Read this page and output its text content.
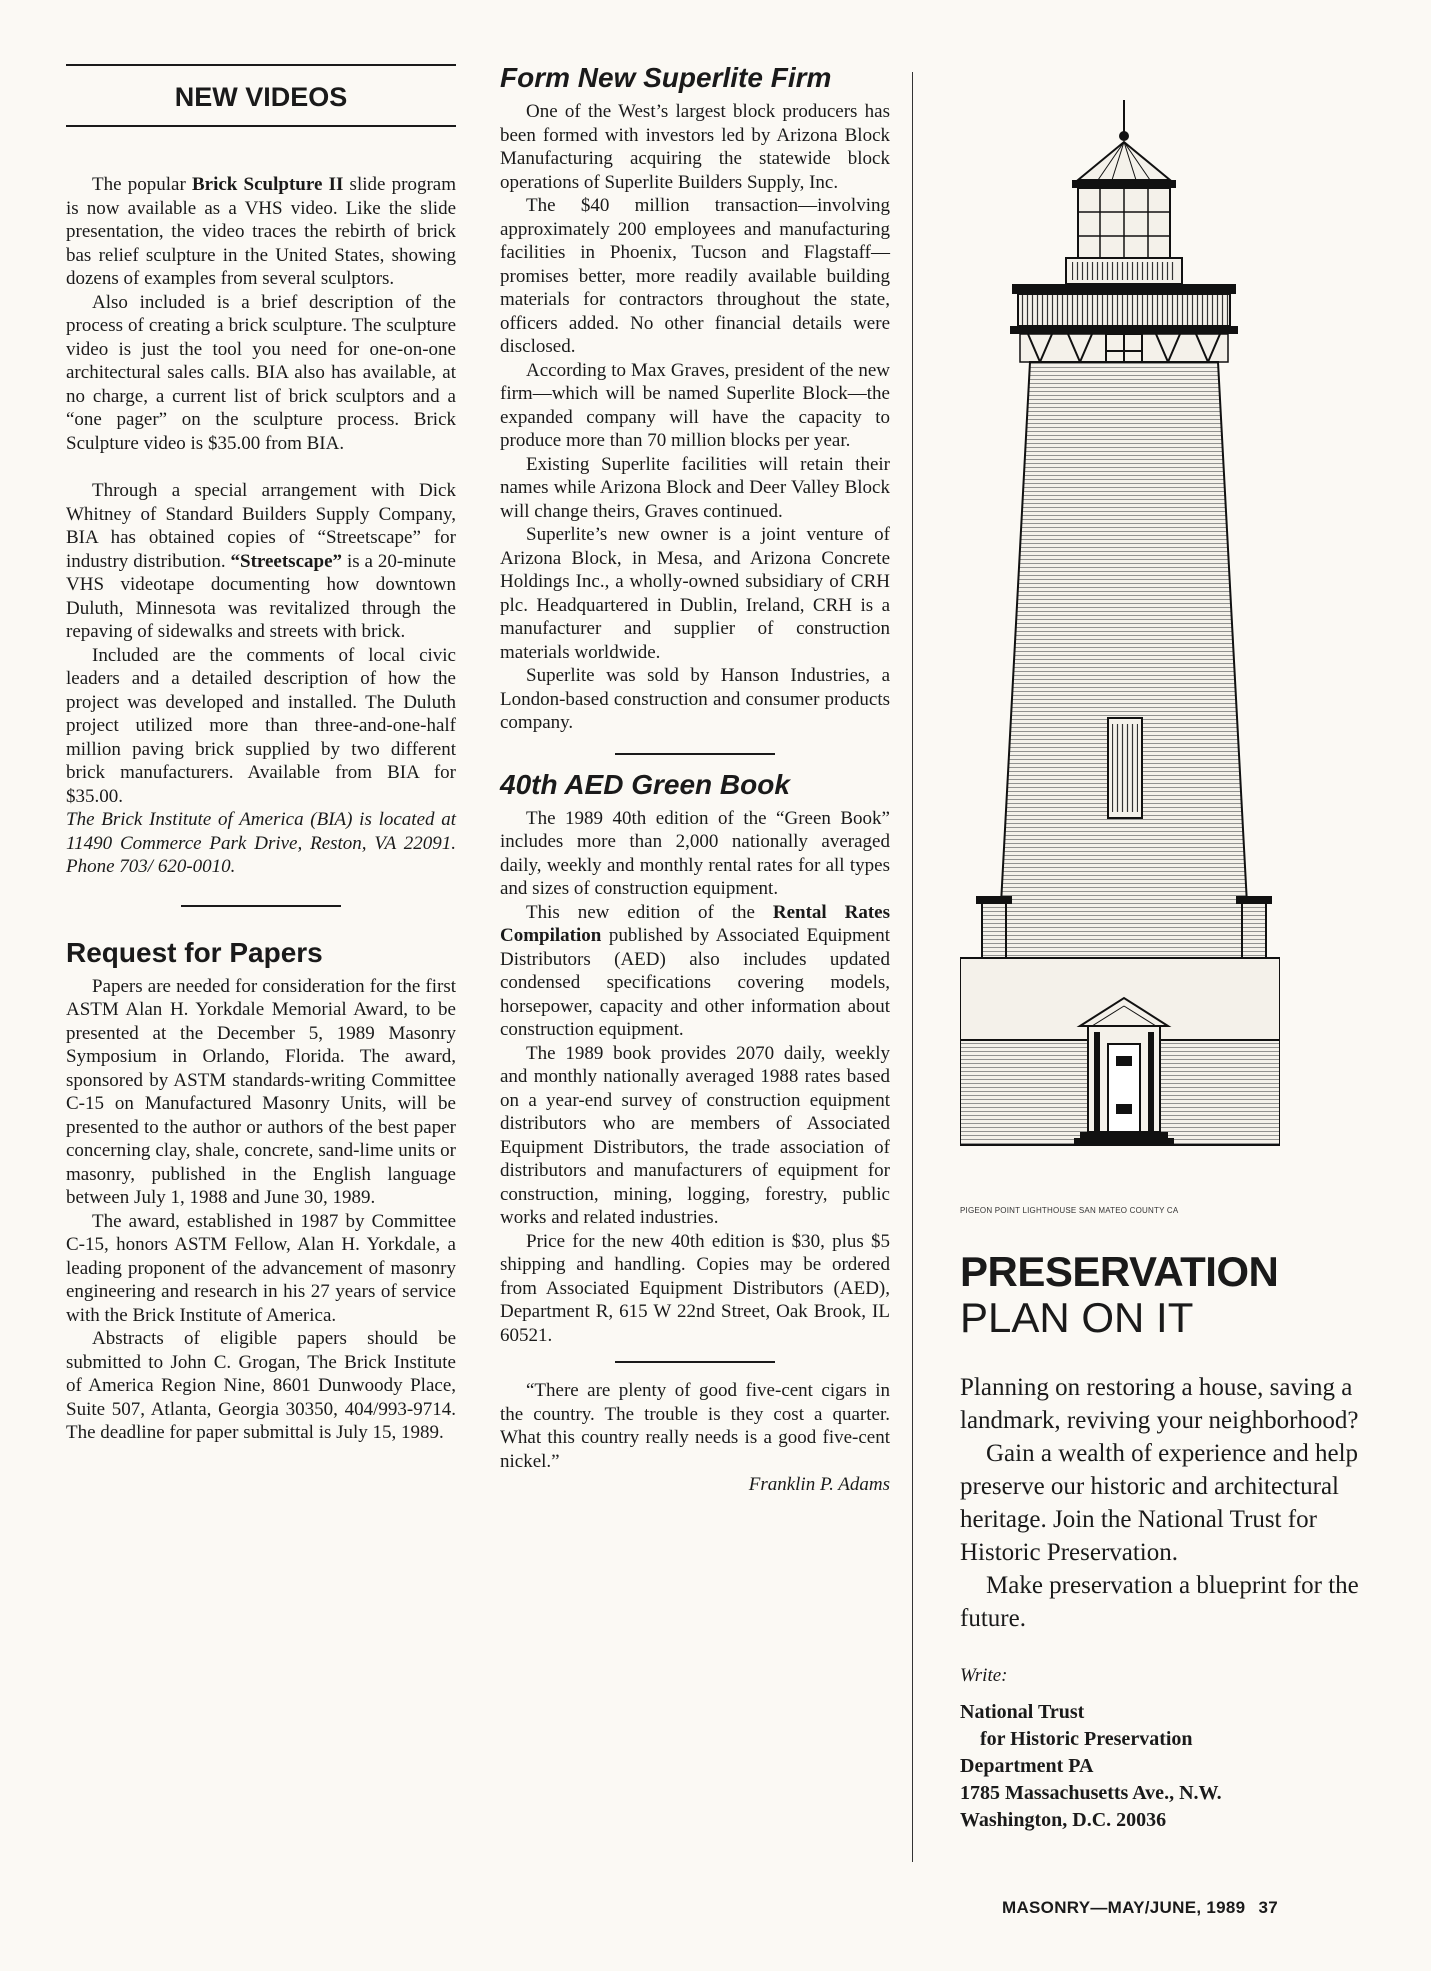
NEW VIDEOS

The popular Brick Sculpture II slide program is now available as a VHS video. Like the slide presentation, the video traces the rebirth of brick bas relief sculpture in the United States, showing dozens of examples from several sculptors.

Also included is a brief description of the process of creating a brick sculpture. The sculpture video is just the tool you need for one-on-one architectural sales calls. BIA also has available, at no charge, a current list of brick sculptors and a “one pager” on the sculpture process. Brick Sculpture video is $35.00 from BIA.

Through a special arrangement with Dick Whitney of Standard Builders Supply Company, BIA has obtained copies of “Streetscape” for industry distribution. “Streetscape” is a 20-minute VHS videotape documenting how downtown Duluth, Minnesota was revitalized through the repaving of sidewalks and streets with brick.

Included are the comments of local civic leaders and a detailed description of how the project was developed and installed. The Duluth project utilized more than three-and-one-half million paving brick supplied by two different brick manufacturers. Available from BIA for $35.00.

The Brick Institute of America (BIA) is located at 11490 Commerce Park Drive, Reston, VA 22091. Phone 703/ 620-0010.

Request for Papers

Papers are needed for consideration for the first ASTM Alan H. Yorkdale Memorial Award, to be presented at the December 5, 1989 Masonry Symposium in Orlando, Florida. The award, sponsored by ASTM standards-writing Committee C-15 on Manufactured Masonry Units, will be presented to the author or authors of the best paper concerning clay, shale, concrete, sand-lime units or masonry, published in the English language between July 1, 1988 and June 30, 1989.

The award, established in 1987 by Committee C-15, honors ASTM Fellow, Alan H. Yorkdale, a leading proponent of the advancement of masonry engineering and research in his 27 years of service with the Brick Institute of America.

Abstracts of eligible papers should be submitted to John C. Grogan, The Brick Institute of America Region Nine, 8601 Dunwoody Place, Suite 507, Atlanta, Georgia 30350, 404/993-9714. The deadline for paper submittal is July 15, 1989.

Form New Superlite Firm

One of the West’s largest block producers has been formed with investors led by Arizona Block Manufacturing acquiring the statewide block operations of Superlite Builders Supply, Inc.

The $40 million transaction—involving approximately 200 employees and manufacturing facilities in Phoenix, Tucson and Flagstaff—promises better, more readily available building materials for contractors throughout the state, officers added. No other financial details were disclosed.

According to Max Graves, president of the new firm—which will be named Superlite Block—the expanded company will have the capacity to produce more than 70 million blocks per year.

Existing Superlite facilities will retain their names while Arizona Block and Deer Valley Block will change theirs, Graves continued.

Superlite’s new owner is a joint venture of Arizona Block, in Mesa, and Arizona Concrete Holdings Inc., a wholly-owned subsidiary of CRH plc. Headquartered in Dublin, Ireland, CRH is a manufacturer and supplier of construction materials worldwide.

Superlite was sold by Hanson Industries, a London-based construction and consumer products company.

40th AED Green Book

The 1989 40th edition of the “Green Book” includes more than 2,000 nationally averaged daily, weekly and monthly rental rates for all types and sizes of construction equipment.

This new edition of the Rental Rates Compilation published by Associated Equipment Distributors (AED) also includes updated condensed specifications covering models, horsepower, capacity and other information about construction equipment.

The 1989 book provides 2070 daily, weekly and monthly nationally averaged 1988 rates based on a year-end survey of construction equipment distributors who are members of Associated Equipment Distributors, the trade association of distributors and manufacturers of equipment for construction, mining, logging, forestry, public works and related industries.

Price for the new 40th edition is $30, plus $5 shipping and handling. Copies may be ordered from Associated Equipment Distributors (AED), Department R, 615 W 22nd Street, Oak Brook, IL 60521.

“There are plenty of good five-cent cigars in the country. The trouble is they cost a quarter. What this country really needs is a good five-cent nickel.”

Franklin P. Adams

PIGEON POINT LIGHTHOUSE SAN MATEO COUNTY CA
PRESERVATION
PLAN ON IT

Planning on restoring a house, saving a landmark, reviving your neighborhood?

Gain a wealth of experience and help preserve our historic and architectural heritage. Join the National Trust for Historic Preservation.

Make preservation a blueprint for the future.

Write:

National Trust

for Historic Preservation

Department PA

1785 Massachusetts Ave., N.W.

Washington, D.C. 20036

MASONRY—MAY/JUNE, 1989 37
